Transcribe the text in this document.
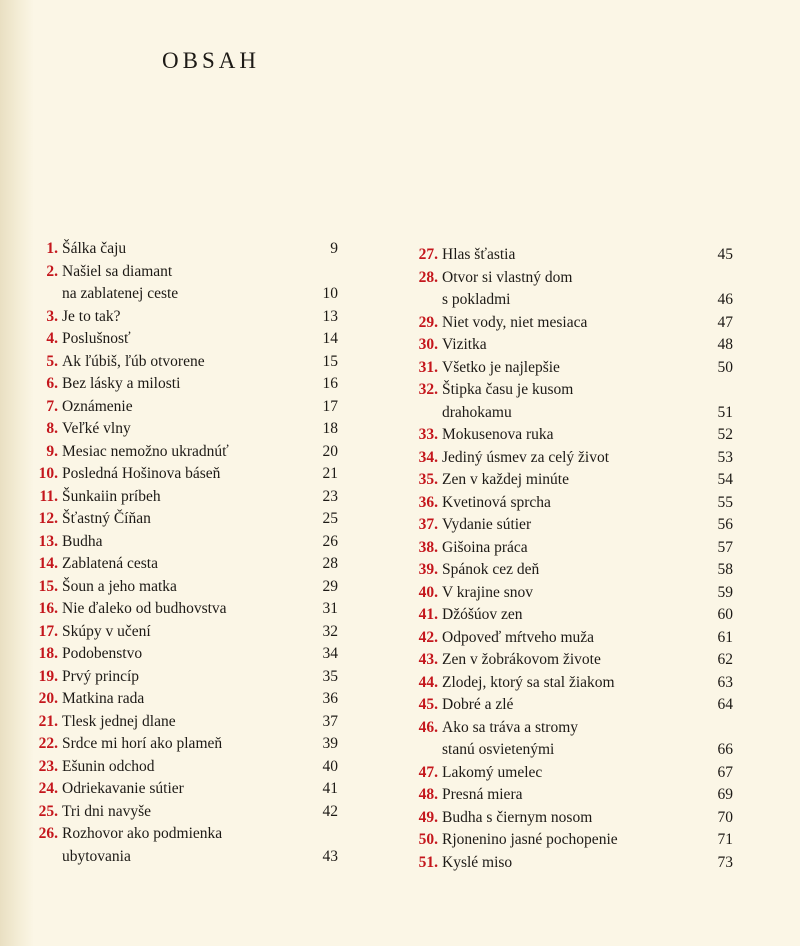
OBSAH
1. Šálka čaju	9
2. Našiel sa diamant
na zablatenej ceste	10
3. Je to tak?	13
4. Poslušnosť	14
5. Ak ľúbiš, ľúb otvorene	15
6. Bez lásky a milosti	16
7. Oznámenie	17
8. Veľké vlny	18
9. Mesiac nemožno ukradnúť	20
10. Posledná Hošinova báseň	21
11. Šunkaiin príbeh	23
12. Šťastný Číňan	25
13. Budha	26
14. Zablatená cesta	28
15. Šoun a jeho matka	29
16. Nie ďaleko od budhovstva	31
17. Skúpy v učení	32
18. Podobenstvo	34
19. Prvý princíp	35
20. Matkina rada	36
21. Tlesk jednej dlane	37
22. Srdce mi horí ako plameň	39
23. Ešunin odchod	40
24. Odriekavanie sútier	41
25. Tri dni navyše	42
26. Rozhovor ako podmienka
ubytovania	43
27. Hlas šťastia	45
28. Otvor si vlastný dom
s pokladmi	46
29. Niet vody, niet mesiaca	47
30. Vizitka	48
31. Všetko je najlepšie	50
32. Štipka času je kusom
drahokamu	51
33. Mokusenova ruka	52
34. Jediný úsmev za celý život	53
35. Zen v každej minúte	54
36. Kvetinová sprcha	55
37. Vydanie sútier	56
38. Gišoina práca	57
39. Spánok cez deň	58
40. V krajine snov	59
41. Džóšúov zen	60
42. Odpoveď mŕtveho muža	61
43. Zen v žobrákovom živote	62
44. Zlodej, ktorý sa stal žiakom	63
45. Dobré a zlé	64
46. Ako sa tráva a stromy
stanú osvietenými	66
47. Lakomý umelec	67
48. Presná miera	69
49. Budha s čiernym nosom	70
50. Rjonenino jasné pochopenie	71
51. Kyslé miso	73
